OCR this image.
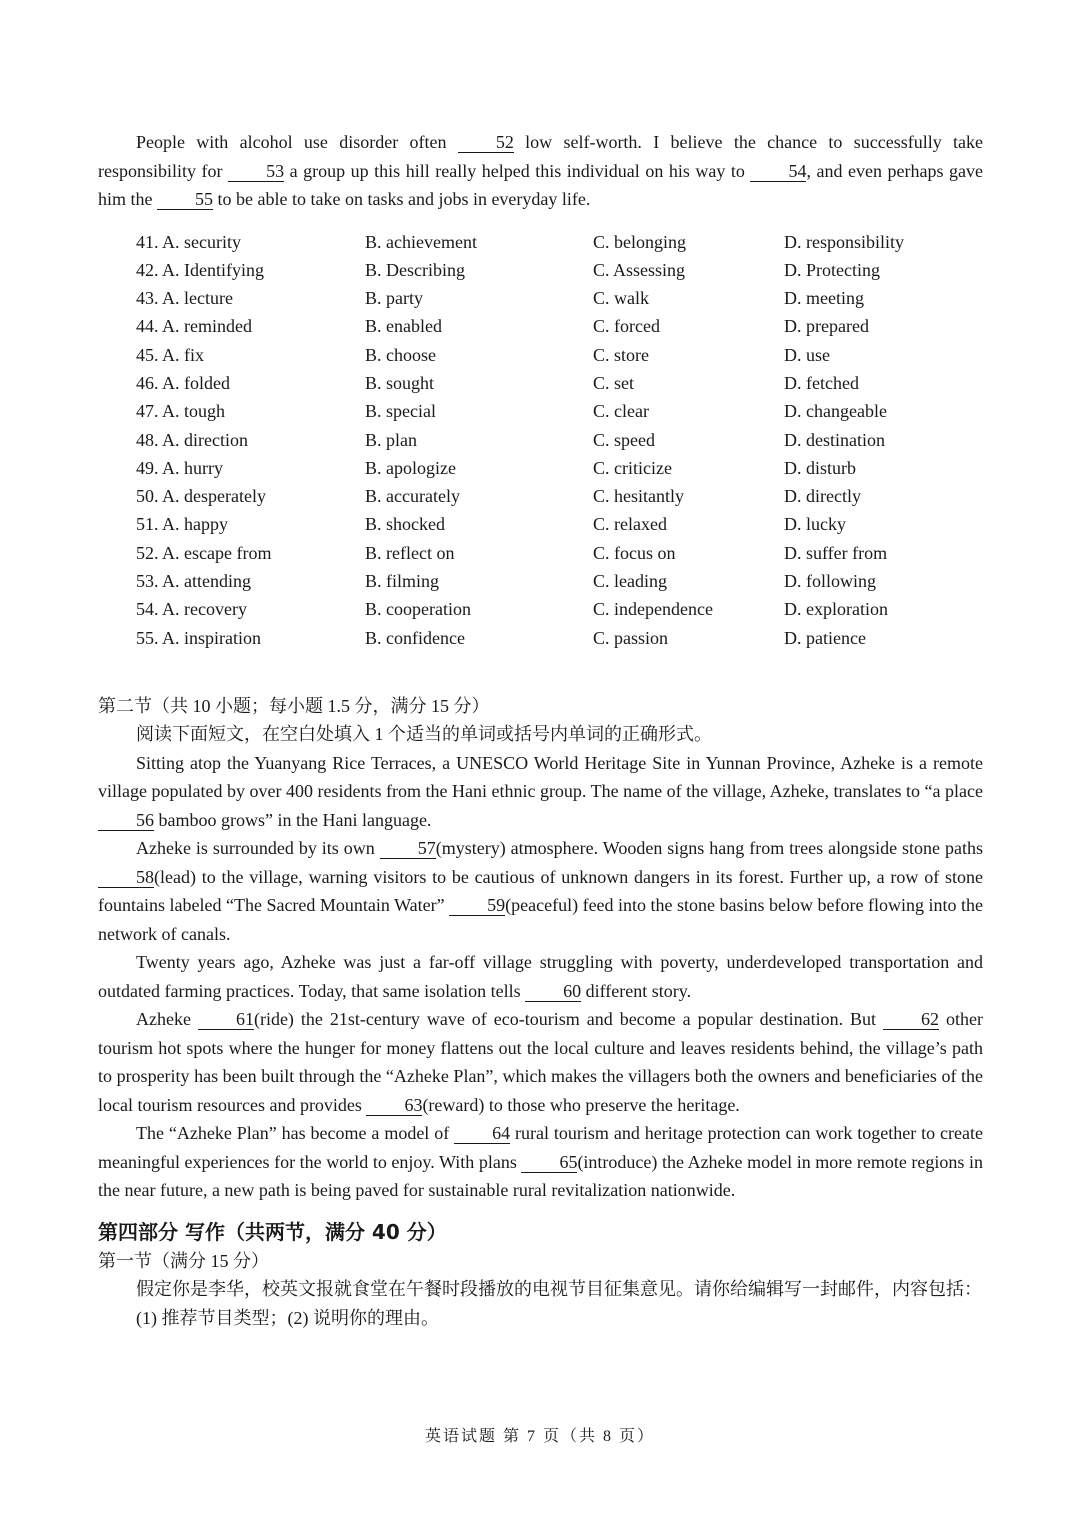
People with alcohol use disorder often 52 low self-worth. I believe the chance to successfully take responsibility for 53 a group up this hill really helped this individual on his way to 54, and even perhaps gave him the 55 to be able to take on tasks and jobs in everyday life.

41. A. security	B. achievement	C. belonging	D. responsibility
42. A. Identifying	B. Describing	C. Assessing	D. Protecting
43. A. lecture	B. party	C. walk	D. meeting
44. A. reminded	B. enabled	C. forced	D. prepared
45. A. fix	B. choose	C. store	D. use
46. A. folded	B. sought	C. set	D. fetched
47. A. tough	B. special	C. clear	D. changeable
48. A. direction	B. plan	C. speed	D. destination
49. A. hurry	B. apologize	C. criticize	D. disturb
50. A. desperately	B. accurately	C. hesitantly	D. directly
51. A. happy	B. shocked	C. relaxed	D. lucky
52. A. escape from	B. reflect on	C. focus on	D. suffer from
53. A. attending	B. filming	C. leading	D. following
54. A. recovery	B. cooperation	C. independence	D. exploration
55. A. inspiration	B. confidence	C. passion	D. patience

第二节（共 10 小题；每小题 1.5 分，满分 15 分）

阅读下面短文，在空白处填入 1 个适当的单词或括号内单词的正确形式。

Sitting atop the Yuanyang Rice Terraces, a UNESCO World Heritage Site in Yunnan Province, Azheke is a remote village populated by over 400 residents from the Hani ethnic group. The name of the village, Azheke, translates to “a place 56 bamboo grows” in the Hani language.

Azheke is surrounded by its own 57(mystery) atmosphere. Wooden signs hang from trees alongside stone paths 58(lead) to the village, warning visitors to be cautious of unknown dangers in its forest. Further up, a row of stone fountains labeled “The Sacred Mountain Water” 59(peaceful) feed into the stone basins below before flowing into the network of canals.

Twenty years ago, Azheke was just a far-off village struggling with poverty, underdeveloped transportation and outdated farming practices. Today, that same isolation tells 60 different story.

Azheke 61(ride) the 21st-century wave of eco-tourism and become a popular destination. But 62 other tourism hot spots where the hunger for money flattens out the local culture and leaves residents behind, the village’s path to prosperity has been built through the “Azheke Plan”, which makes the villagers both the owners and beneficiaries of the local tourism resources and provides 63(reward) to those who preserve the heritage.

The “Azheke Plan” has become a model of 64 rural tourism and heritage protection can work together to create meaningful experiences for the world to enjoy. With plans 65(introduce) the Azheke model in more remote regions in the near future, a new path is being paved for sustainable rural revitalization nationwide.

第四部分 写作（共两节，满分 40 分）

第一节（满分 15 分）

假定你是李华，校英文报就食堂在午餐时段播放的电视节目征集意见。请你给编辑写一封邮件，内容包括：

(1) 推荐节目类型；(2) 说明你的理由。

英语试题 第 7 页（共 8 页）
